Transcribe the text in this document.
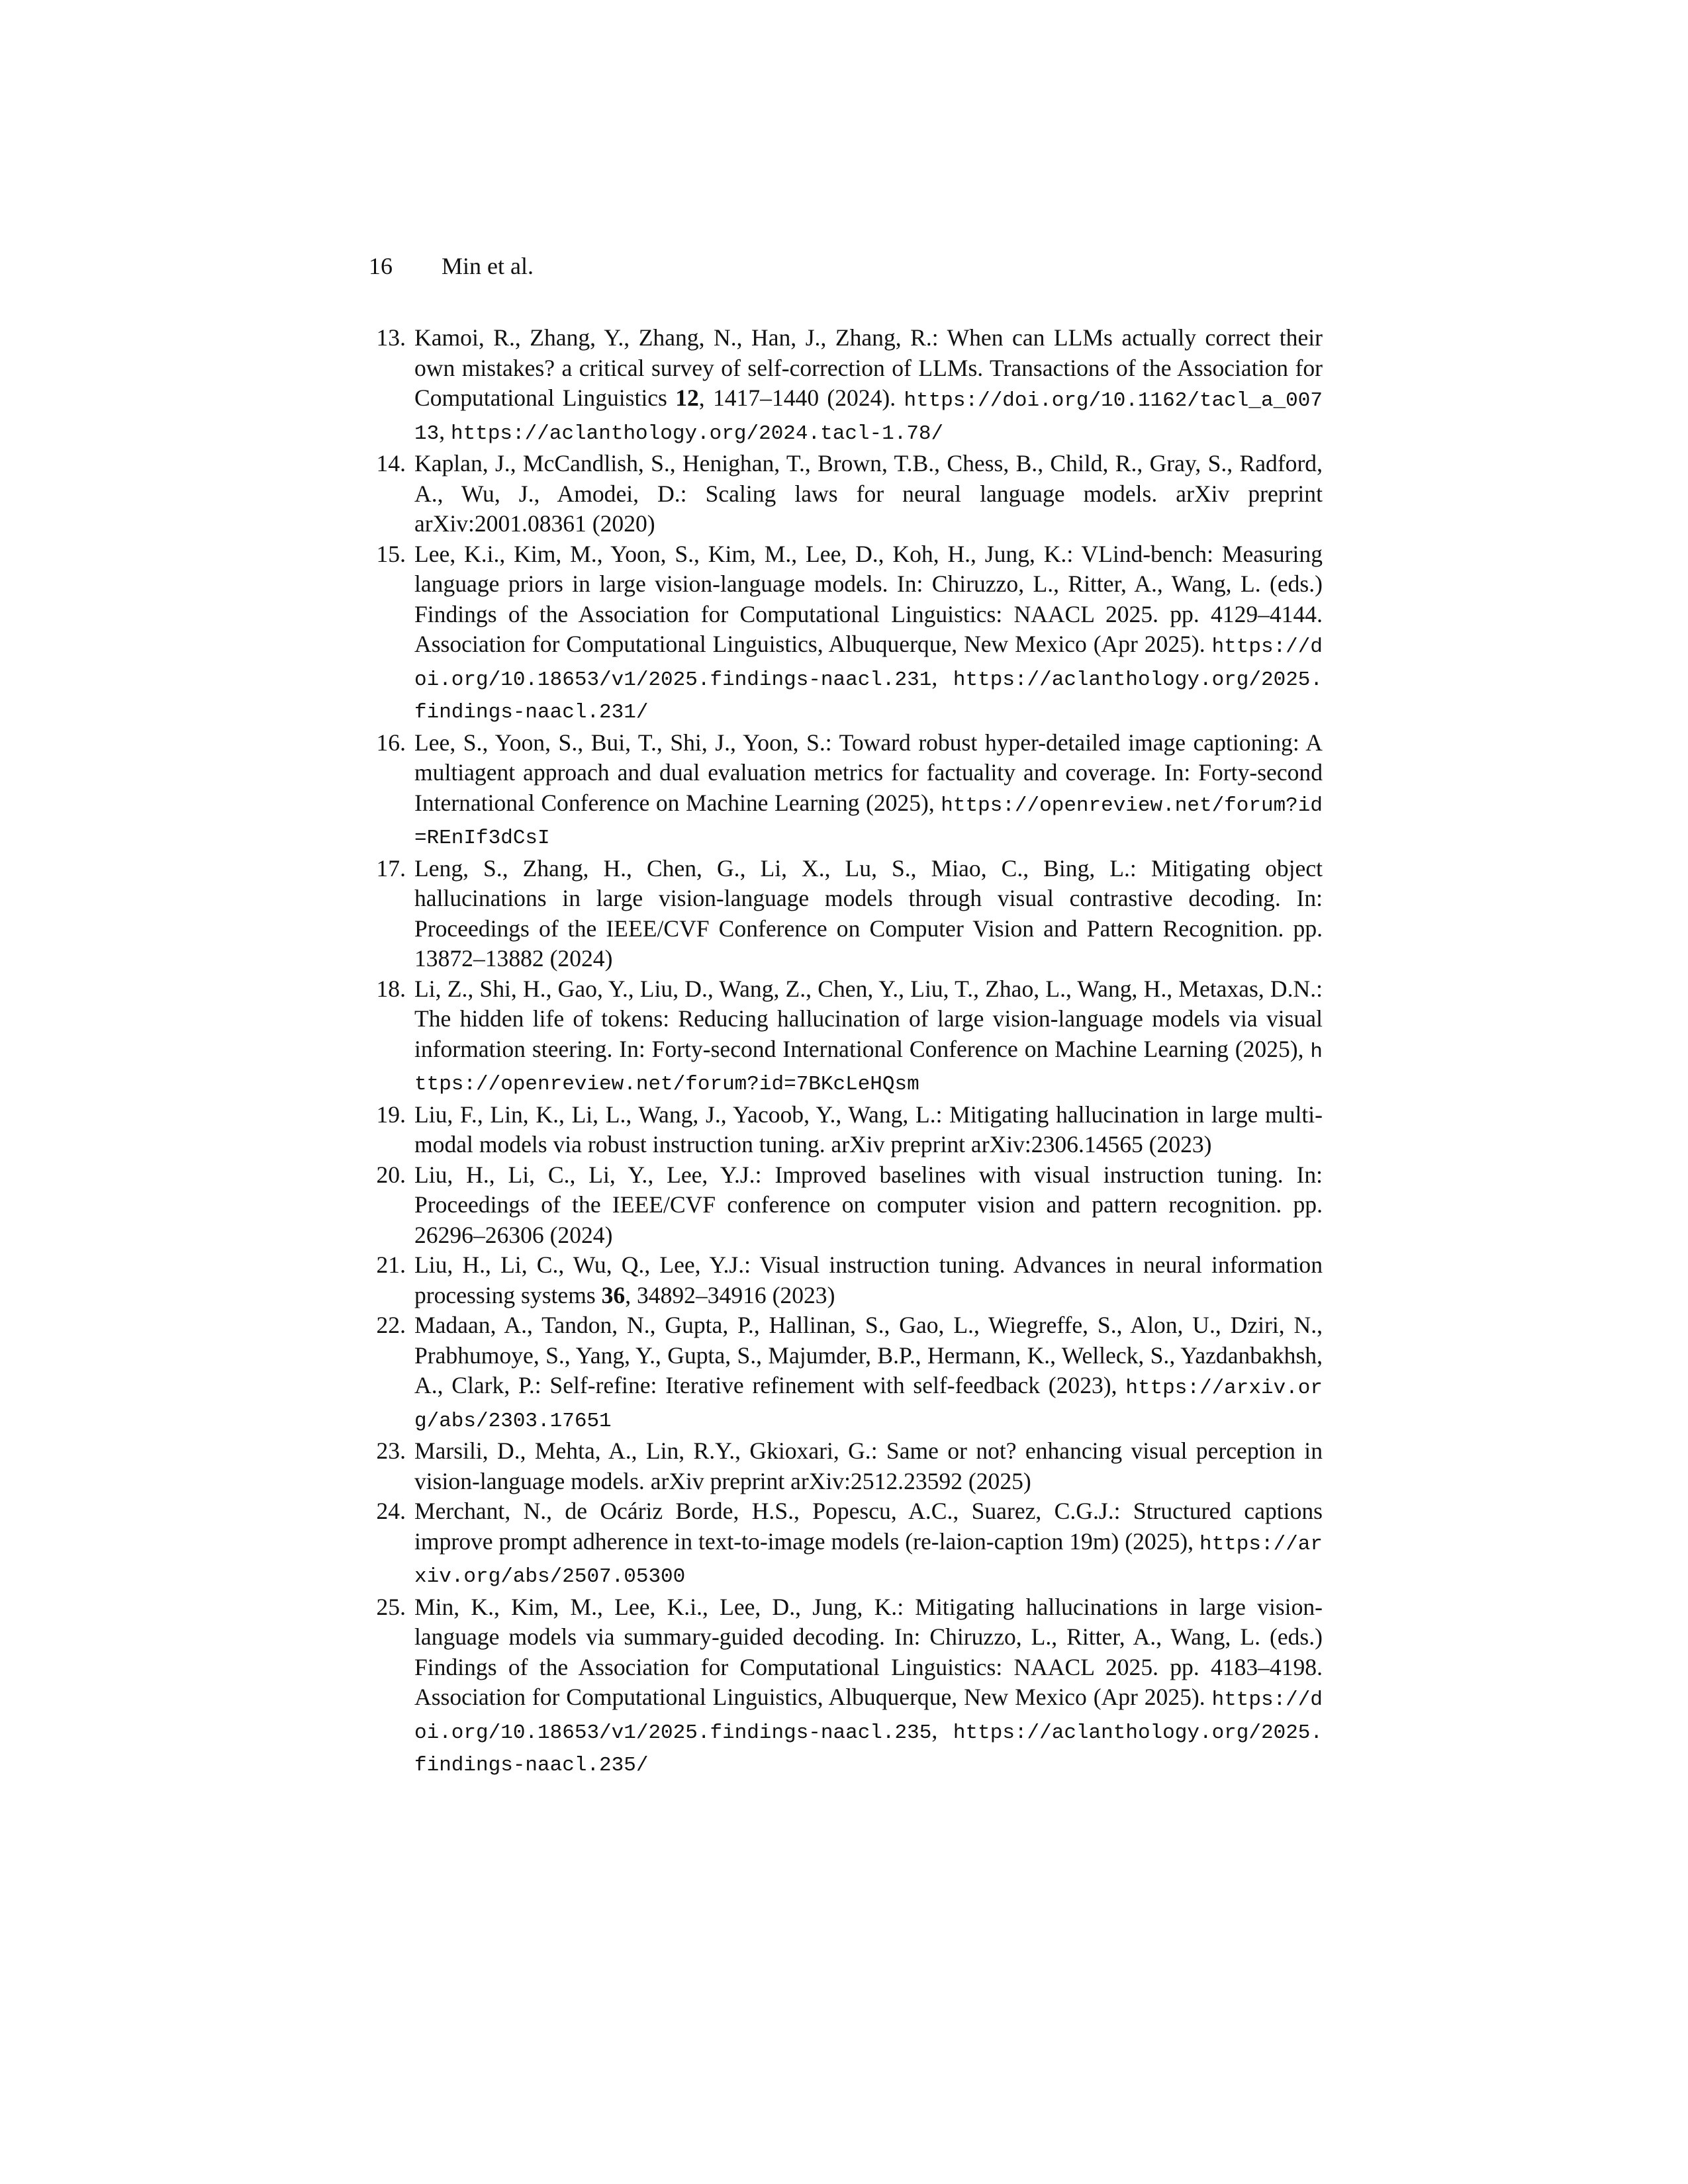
16 Min et al.
13. Kamoi, R., Zhang, Y., Zhang, N., Han, J., Zhang, R.: When can LLMs actually correct their own mistakes? a critical survey of self-correction of LLMs. Transactions of the Association for Computational Linguistics 12, 1417–1440 (2024). https://doi.org/10.1162/tacl_a_00713, https://aclanthology.org/2024.tacl-1.78/
14. Kaplan, J., McCandlish, S., Henighan, T., Brown, T.B., Chess, B., Child, R., Gray, S., Radford, A., Wu, J., Amodei, D.: Scaling laws for neural language models. arXiv preprint arXiv:2001.08361 (2020)
15. Lee, K.i., Kim, M., Yoon, S., Kim, M., Lee, D., Koh, H., Jung, K.: VLind-bench: Measuring language priors in large vision-language models. In: Chiruzzo, L., Ritter, A., Wang, L. (eds.) Findings of the Association for Computational Linguistics: NAACL 2025. pp. 4129–4144. Association for Computational Linguistics, Albuquerque, New Mexico (Apr 2025). https://doi.org/10.18653/v1/2025.findings-naacl.231, https://aclanthology.org/2025.findings-naacl.231/
16. Lee, S., Yoon, S., Bui, T., Shi, J., Yoon, S.: Toward robust hyper-detailed image captioning: A multiagent approach and dual evaluation metrics for factuality and coverage. In: Forty-second International Conference on Machine Learning (2025), https://openreview.net/forum?id=REnIf3dCsI
17. Leng, S., Zhang, H., Chen, G., Li, X., Lu, S., Miao, C., Bing, L.: Mitigating object hallucinations in large vision-language models through visual contrastive decoding. In: Proceedings of the IEEE/CVF Conference on Computer Vision and Pattern Recognition. pp. 13872–13882 (2024)
18. Li, Z., Shi, H., Gao, Y., Liu, D., Wang, Z., Chen, Y., Liu, T., Zhao, L., Wang, H., Metaxas, D.N.: The hidden life of tokens: Reducing hallucination of large vision-language models via visual information steering. In: Forty-second International Conference on Machine Learning (2025), https://openreview.net/forum?id=7BKcLeHQsm
19. Liu, F., Lin, K., Li, L., Wang, J., Yacoob, Y., Wang, L.: Mitigating hallucination in large multi-modal models via robust instruction tuning. arXiv preprint arXiv:2306.14565 (2023)
20. Liu, H., Li, C., Li, Y., Lee, Y.J.: Improved baselines with visual instruction tuning. In: Proceedings of the IEEE/CVF conference on computer vision and pattern recognition. pp. 26296–26306 (2024)
21. Liu, H., Li, C., Wu, Q., Lee, Y.J.: Visual instruction tuning. Advances in neural information processing systems 36, 34892–34916 (2023)
22. Madaan, A., Tandon, N., Gupta, P., Hallinan, S., Gao, L., Wiegreffe, S., Alon, U., Dziri, N., Prabhumoye, S., Yang, Y., Gupta, S., Majumder, B.P., Hermann, K., Welleck, S., Yazdanbakhsh, A., Clark, P.: Self-refine: Iterative refinement with self-feedback (2023), https://arxiv.org/abs/2303.17651
23. Marsili, D., Mehta, A., Lin, R.Y., Gkioxari, G.: Same or not? enhancing visual perception in vision-language models. arXiv preprint arXiv:2512.23592 (2025)
24. Merchant, N., de Ocáriz Borde, H.S., Popescu, A.C., Suarez, C.G.J.: Structured captions improve prompt adherence in text-to-image models (re-laion-caption 19m) (2025), https://arxiv.org/abs/2507.05300
25. Min, K., Kim, M., Lee, K.i., Lee, D., Jung, K.: Mitigating hallucinations in large vision-language models via summary-guided decoding. In: Chiruzzo, L., Ritter, A., Wang, L. (eds.) Findings of the Association for Computational Linguistics: NAACL 2025. pp. 4183–4198. Association for Computational Linguistics, Albuquerque, New Mexico (Apr 2025). https://doi.org/10.18653/v1/2025.findings-naacl.235, https://aclanthology.org/2025.findings-naacl.235/
